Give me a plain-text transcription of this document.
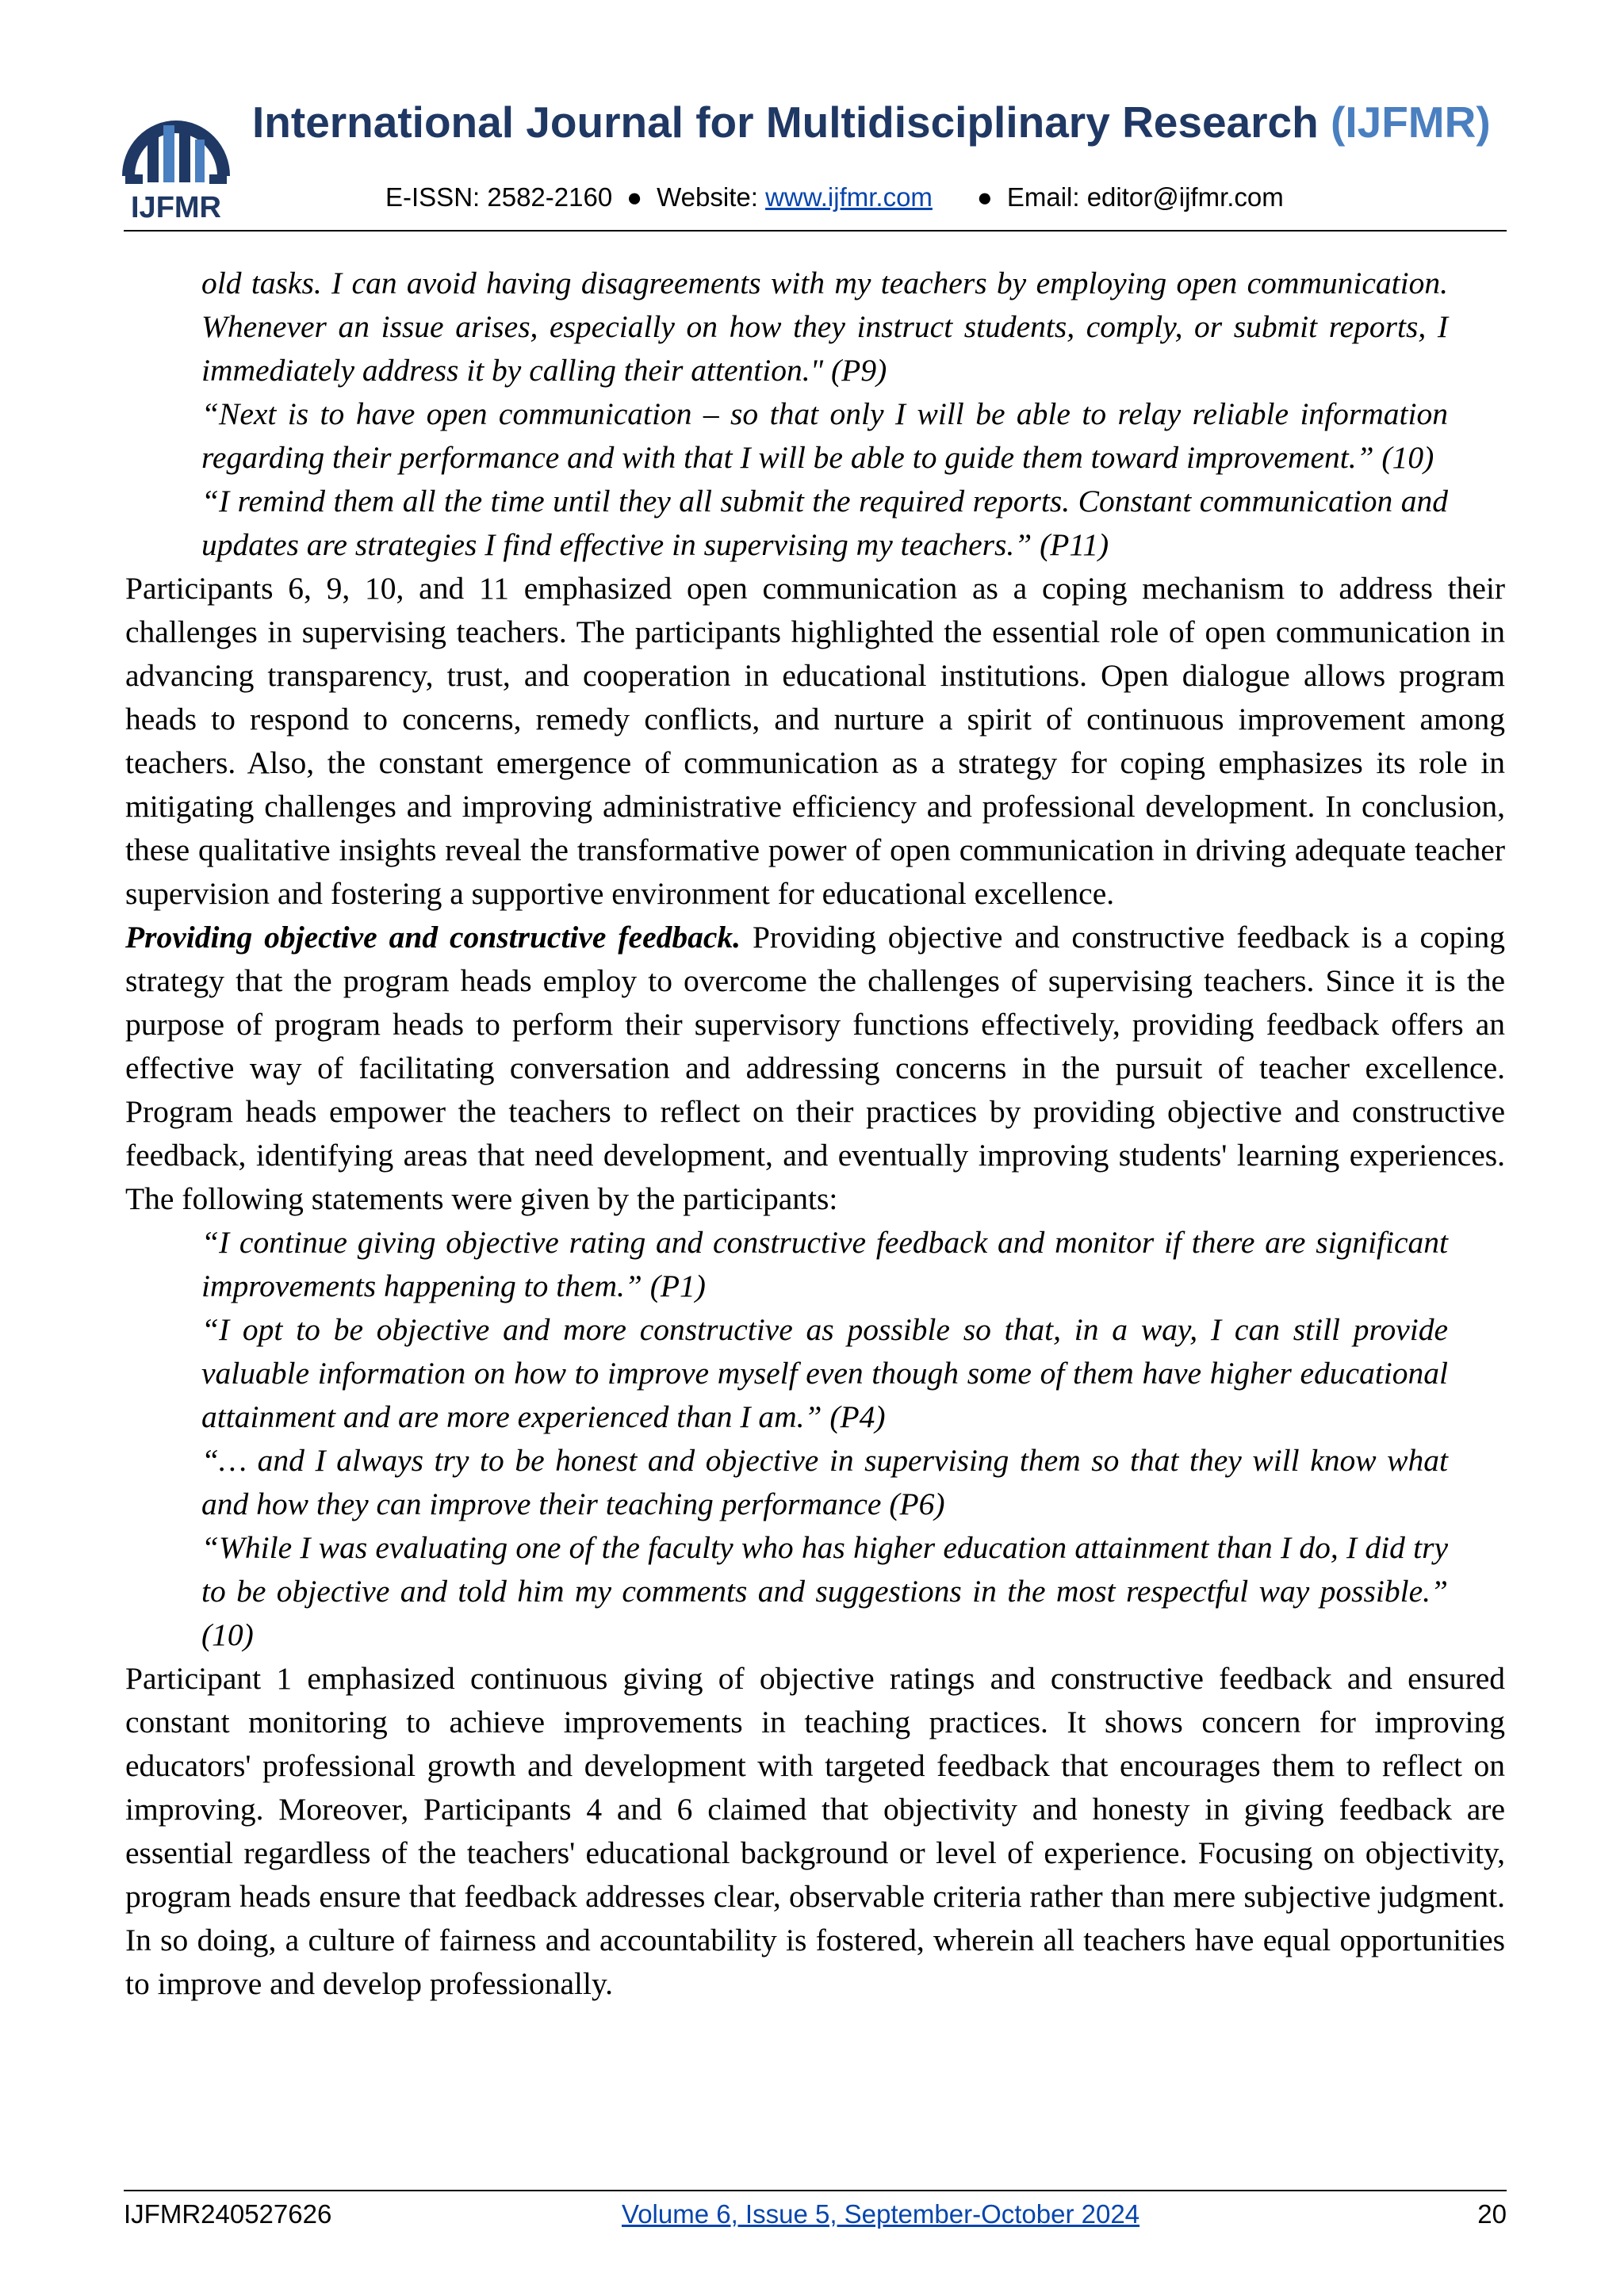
IJFMR
International Journal for Multidisciplinary Research (IJFMR)
E-ISSN: 2582-2160 ● Website: www.ijfmr.com ● Email: editor@ijfmr.com

old tasks. I can avoid having disagreements with my teachers by employing open communication. Whenever an issue arises, especially on how they instruct students, comply, or submit reports, I immediately address it by calling their attention." (P9)

“Next is to have open communication – so that only I will be able to relay reliable information regarding their performance and with that I will be able to guide them toward improvement.” (10)

“I remind them all the time until they all submit the required reports. Constant communication and updates are strategies I find effective in supervising my teachers.” (P11)

Participants 6, 9, 10, and 11 emphasized open communication as a coping mechanism to address their challenges in supervising teachers. The participants highlighted the essential role of open communication in advancing transparency, trust, and cooperation in educational institutions. Open dialogue allows program heads to respond to concerns, remedy conflicts, and nurture a spirit of continuous improvement among teachers. Also, the constant emergence of communication as a strategy for coping emphasizes its role in mitigating challenges and improving administrative efficiency and professional development. In conclusion, these qualitative insights reveal the transformative power of open communication in driving adequate teacher supervision and fostering a supportive environment for educational excellence.

Providing objective and constructive feedback. Providing objective and constructive feedback is a coping strategy that the program heads employ to overcome the challenges of supervising teachers. Since it is the purpose of program heads to perform their supervisory functions effectively, providing feedback offers an effective way of facilitating conversation and addressing concerns in the pursuit of teacher excellence. Program heads empower the teachers to reflect on their practices by providing objective and constructive feedback, identifying areas that need development, and eventually improving students' learning experiences. The following statements were given by the participants:

“I continue giving objective rating and constructive feedback and monitor if there are significant improvements happening to them.” (P1)

“I opt to be objective and more constructive as possible so that, in a way, I can still provide valuable information on how to improve myself even though some of them have higher educational attainment and are more experienced than I am.” (P4)

“… and I always try to be honest and objective in supervising them so that they will know what and how they can improve their teaching performance (P6)

“While I was evaluating one of the faculty who has higher education attainment than I do, I did try to be objective and told him my comments and suggestions in the most respectful way possible.” (10)

Participant 1 emphasized continuous giving of objective ratings and constructive feedback and ensured constant monitoring to achieve improvements in teaching practices. It shows concern for improving educators' professional growth and development with targeted feedback that encourages them to reflect on improving. Moreover, Participants 4 and 6 claimed that objectivity and honesty in giving feedback are essential regardless of the teachers' educational background or level of experience. Focusing on objectivity, program heads ensure that feedback addresses clear, observable criteria rather than mere subjective judgment. In so doing, a culture of fairness and accountability is fostered, wherein all teachers have equal opportunities to improve and develop professionally.

IJFMR240527626	Volume 6, Issue 5, September-October 2024	20
